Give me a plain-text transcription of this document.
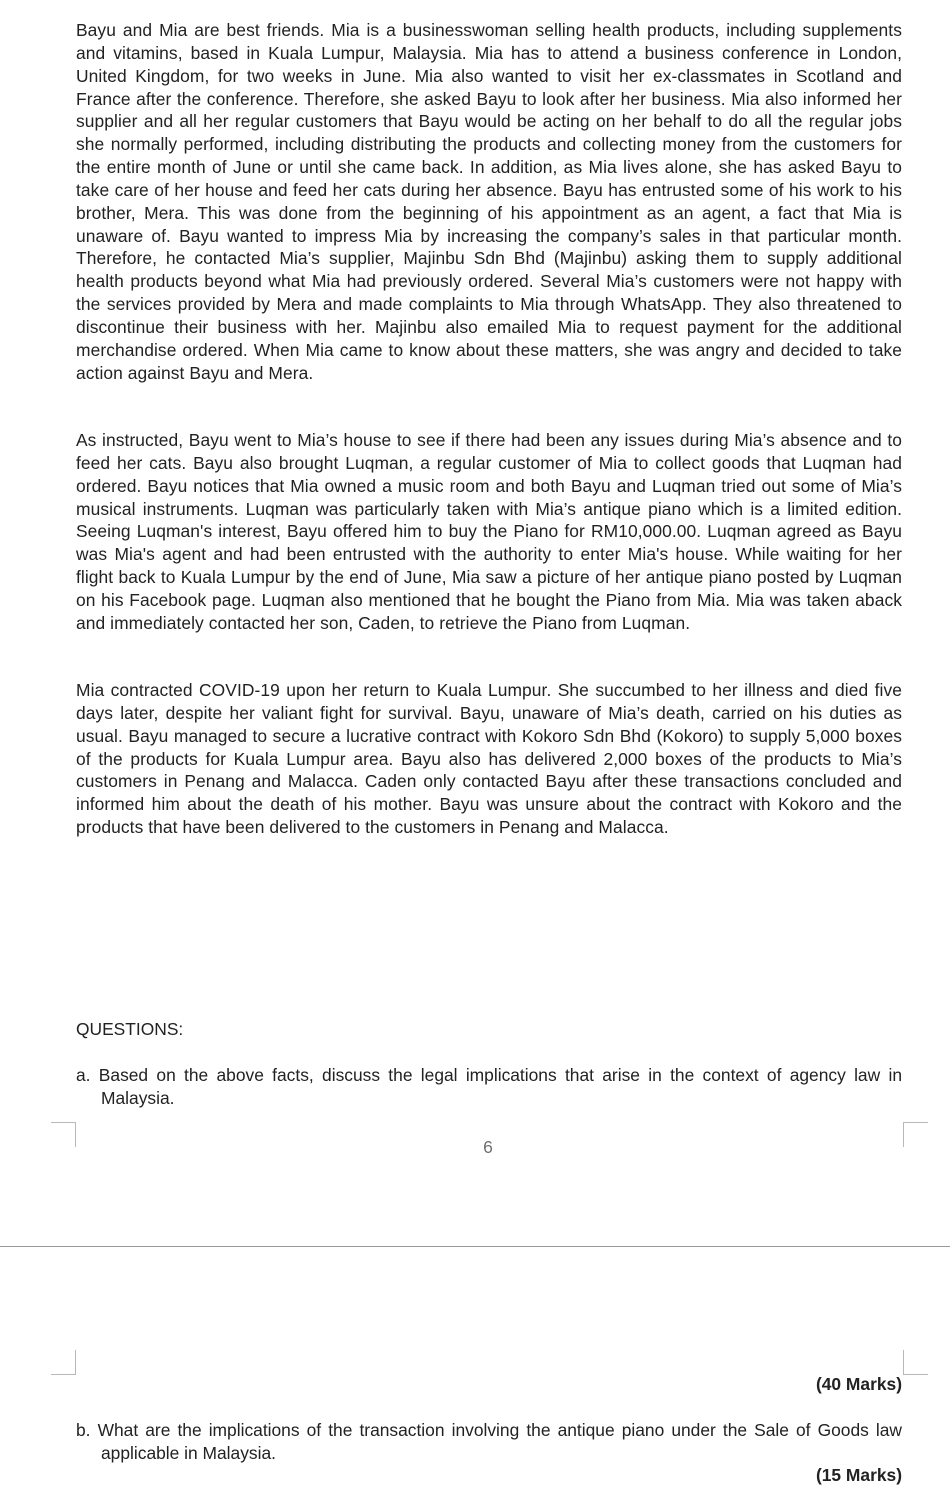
Bayu and Mia are best friends. Mia is a businesswoman selling health products, including supplements and vitamins, based in Kuala Lumpur, Malaysia. Mia has to attend a business conference in London, United Kingdom, for two weeks in June. Mia also wanted to visit her ex-classmates in Scotland and France after the conference. Therefore, she asked Bayu to look after her business. Mia also informed her supplier and all her regular customers that Bayu would be acting on her behalf to do all the regular jobs she normally performed, including distributing the products and collecting money from the customers for the entire month of June or until she came back. In addition, as Mia lives alone, she has asked Bayu to take care of her house and feed her cats during her absence. Bayu has entrusted some of his work to his brother, Mera. This was done from the beginning of his appointment as an agent, a fact that Mia is unaware of. Bayu wanted to impress Mia by increasing the company’s sales in that particular month. Therefore, he contacted Mia’s supplier, Majinbu Sdn Bhd (Majinbu) asking them to supply additional health products beyond what Mia had previously ordered. Several Mia’s customers were not happy with the services provided by Mera and made complaints to Mia through WhatsApp. They also threatened to discontinue their business with her. Majinbu also emailed Mia to request payment for the additional merchandise ordered. When Mia came to know about these matters, she was angry and decided to take action against Bayu and Mera.

As instructed, Bayu went to Mia’s house to see if there had been any issues during Mia’s absence and to feed her cats. Bayu also brought Luqman, a regular customer of Mia to collect goods that Luqman had ordered. Bayu notices that Mia owned a music room and both Bayu and Luqman tried out some of Mia’s musical instruments. Luqman was particularly taken with Mia’s antique piano which is a limited edition. Seeing Luqman's interest, Bayu offered him to buy the Piano for RM10,000.00. Luqman agreed as Bayu was Mia's agent and had been entrusted with the authority to enter Mia's house. While waiting for her flight back to Kuala Lumpur by the end of June, Mia saw a picture of her antique piano posted by Luqman on his Facebook page. Luqman also mentioned that he bought the Piano from Mia. Mia was taken aback and immediately contacted her son, Caden, to retrieve the Piano from Luqman.

Mia contracted COVID-19 upon her return to Kuala Lumpur. She succumbed to her illness and died five days later, despite her valiant fight for survival. Bayu, unaware of Mia’s death, carried on his duties as usual. Bayu managed to secure a lucrative contract with Kokoro Sdn Bhd (Kokoro) to supply 5,000 boxes of the products for Kuala Lumpur area. Bayu also has delivered 2,000 boxes of the products to Mia’s customers in Penang and Malacca. Caden only contacted Bayu after these transactions concluded and informed him about the death of his mother. Bayu was unsure about the contract with Kokoro and the products that have been delivered to the customers in Penang and Malacca.

QUESTIONS:

a. Based on the above facts, discuss the legal implications that arise in the context of agency law in Malaysia.

6

(40 Marks)

b. What are the implications of the transaction involving the antique piano under the Sale of Goods law applicable in Malaysia.

(15 Marks)
